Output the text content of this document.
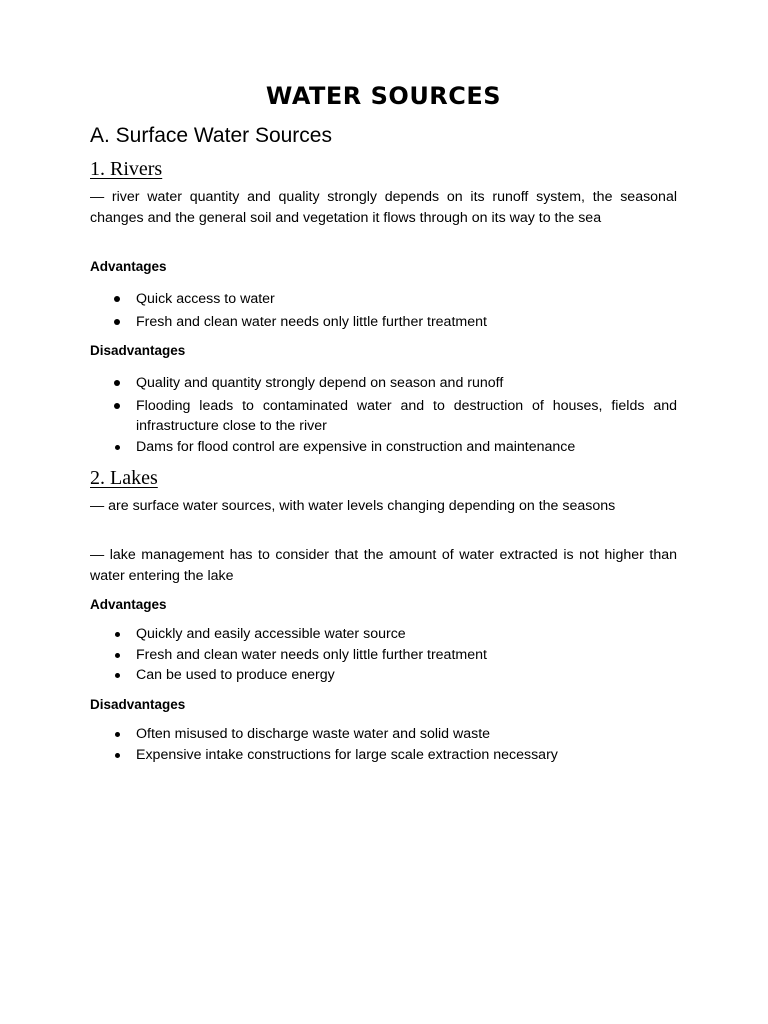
WATER SOURCES
A. Surface Water Sources
1. Rivers

— river water quantity and quality strongly depends on its runoff system, the seasonal changes and the general soil and vegetation it flows through on its way to the sea

Advantages

Quick access to water
Fresh and clean water needs only little further treatment

Disadvantages

Quality and quantity strongly depend on season and runoff
Flooding leads to contaminated water and to destruction of houses, fields and infrastructure close to the river
Dams for flood control are expensive in construction and maintenance
2. Lakes

— are surface water sources, with water levels changing depending on the seasons

— lake management has to consider that the amount of water extracted is not higher than water entering the lake

Advantages

Quickly and easily accessible water source
Fresh and clean water needs only little further treatment
Can be used to produce energy

Disadvantages

Often misused to discharge waste water and solid waste
Expensive intake constructions for large scale extraction necessary
